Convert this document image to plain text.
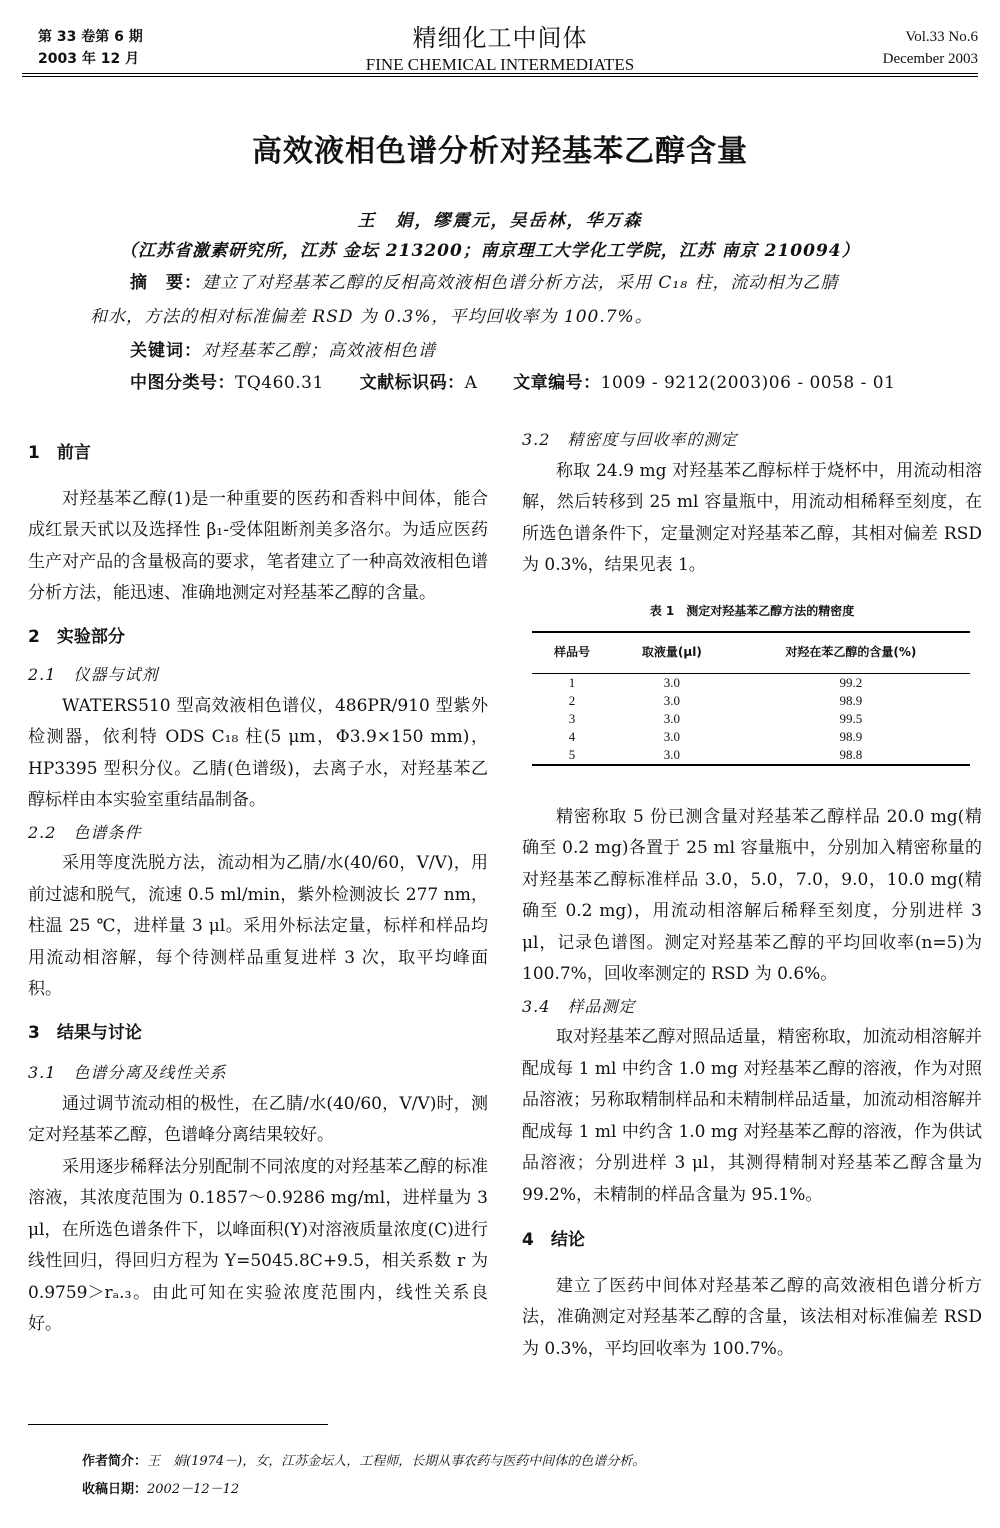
第 33 卷第 6 期
2003 年 12 月
精细化工中间体
FINE CHEMICAL INTERMEDIATES
Vol.33 No.6
December 2003
高效液相色谱分析对羟基苯乙醇含量
王　娟，缪震元，吴岳林，华万森
（江苏省激素研究所，江苏 金坛 213200；南京理工大学化工学院，江苏 南京 210094）
摘　要：建立了对羟基苯乙醇的反相高效液相色谱分析方法，采用 C₁₈ 柱，流动相为乙腈
和水，方法的相对标准偏差 RSD 为 0.3%，平均回收率为 100.7%。
关键词：对羟基苯乙醇；高效液相色谱
中图分类号：TQ460.31 文献标识码：A 文章编号：1009 - 9212(2003)06 - 0058 - 01
1　前言

对羟基苯乙醇(1)是一种重要的医药和香料中间体，能合成红景天甙以及选择性 β₁-受体阻断剂美多洛尔。为适应医药生产对产品的含量极高的要求，笔者建立了一种高效液相色谱分析方法，能迅速、准确地测定对羟基苯乙醇的含量。

2　实验部分
2.1　仪器与试剂

WATERS510 型高效液相色谱仪，486PR/910 型紫外检测器，依利特 ODS C₁₈ 柱(5 μm，Φ3.9×150 mm)，HP3395 型积分仪。乙腈(色谱级)，去离子水，对羟基苯乙醇标样由本实验室重结晶制备。

2.2　色谱条件

采用等度洗脱方法，流动相为乙腈/水(40/60，V/V)，用前过滤和脱气，流速 0.5 ml/min，紫外检测波长 277 nm，柱温 25 ℃，进样量 3 μl。采用外标法定量，标样和样品均用流动相溶解，每个待测样品重复进样 3 次，取平均峰面积。

3　结果与讨论
3.1　色谱分离及线性关系

通过调节流动相的极性，在乙腈/水(40/60，V/V)时，测定对羟基苯乙醇，色谱峰分离结果较好。

采用逐步稀释法分别配制不同浓度的对羟基苯乙醇的标准溶液，其浓度范围为 0.1857～0.9286 mg/ml，进样量为 3 μl，在所选色谱条件下，以峰面积(Y)对溶液质量浓度(C)进行线性回归，得回归方程为 Y=5045.8C+9.5，相关系数 r 为 0.9759＞rₐ.₃。由此可知在实验浓度范围内，线性关系良好。

3.2　精密度与回收率的测定

称取 24.9 mg 对羟基苯乙醇标样于烧杯中，用流动相溶解，然后转移到 25 ml 容量瓶中，用流动相稀释至刻度，在所选色谱条件下，定量测定对羟基苯乙醇，其相对偏差 RSD 为 0.3%，结果见表 1。

表 1　测定对羟基苯乙醇方法的精密度
样品号	取液量(μl)	对羟在苯乙醇的含量(%)
1	3.0	99.2
2	3.0	98.9
3	3.0	99.5
4	3.0	98.9
5	3.0	98.8

精密称取 5 份已测含量对羟基苯乙醇样品 20.0 mg(精确至 0.2 mg)各置于 25 ml 容量瓶中，分别加入精密称量的对羟基苯乙醇标准样品 3.0，5.0，7.0，9.0，10.0 mg(精确至 0.2 mg)，用流动相溶解后稀释至刻度，分别进样 3 μl，记录色谱图。测定对羟基苯乙醇的平均回收率(n=5)为 100.7%，回收率测定的 RSD 为 0.6%。

3.4　样品测定

取对羟基苯乙醇对照品适量，精密称取，加流动相溶解并配成每 1 ml 中约含 1.0 mg 对羟基苯乙醇的溶液，作为对照品溶液；另称取精制样品和未精制样品适量，加流动相溶解并配成每 1 ml 中约含 1.0 mg 对羟基苯乙醇的溶液，作为供试品溶液；分别进样 3 μl，其测得精制对羟基苯乙醇含量为 99.2%，未精制的样品含量为 95.1%。

4　结论

建立了医药中间体对羟基苯乙醇的高效液相色谱分析方法，准确测定对羟基苯乙醇的含量，该法相对标准偏差 RSD 为 0.3%，平均回收率为 100.7%。

作者简介：王　娟(1974－)，女，江苏金坛人，工程师，长期从事农药与医药中间体的色谱分析。
收稿日期：2002－12－12
